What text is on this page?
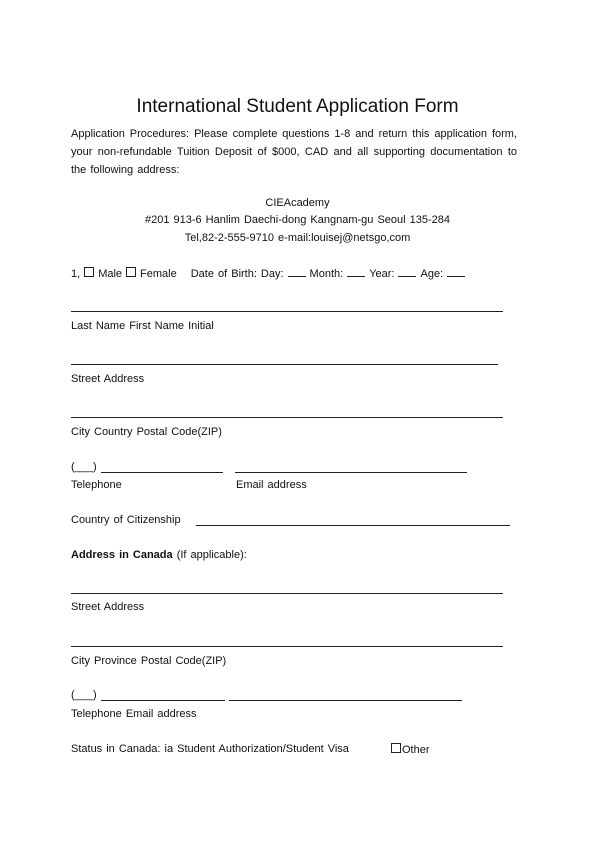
International Student Application Form
Application Procedures: Please complete questions 1-8 and return this application form, your non-refundable Tuition Deposit of $000, CAD and all supporting documentation to the following address:
CIEAcademy
#201 913-6 Hanlim Daechi-dong Kangnam-gu Seoul 135-284
Tel,82-2-555-9710 e-mail:louisej@netsgo,com
1, Male Female Date of Birth: Day: Month: Year: Age:
Last Name First Name Initial
Street Address
City Country Postal Code(ZIP)
(___)
Telephone	Email address
Country of Citizenship
Address in Canada (If applicable):
Street Address
City Province Postal Code(ZIP)
(___)
Telephone Email address
Status in Canada: ia Student Authorization/Student Visa	Other
